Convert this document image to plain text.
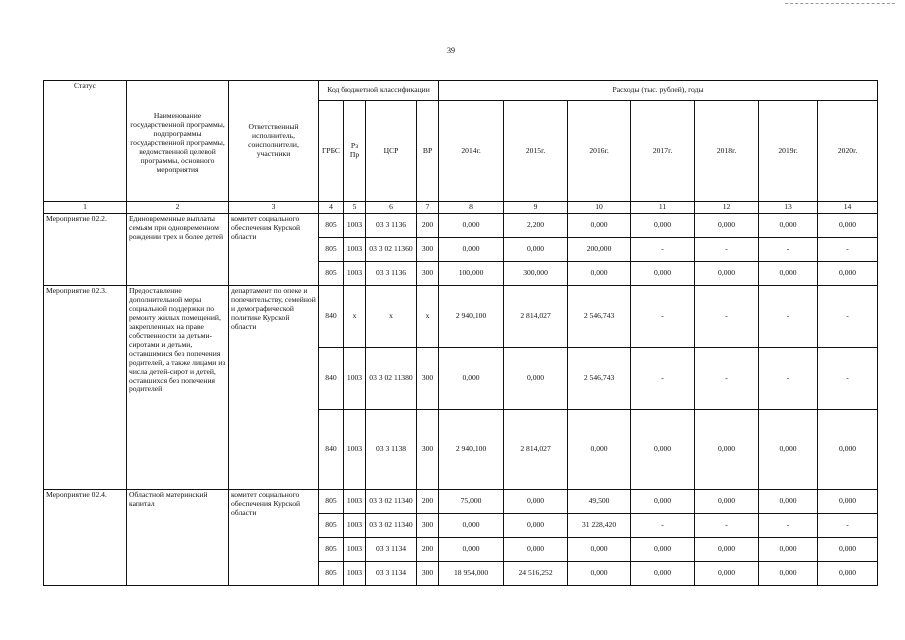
39
Статус	Наименование государственной программы, подпрограммы государственной программы, ведомственной целевой программы, основного мероприятия	Ответственный исполнитель, соисполнители, участники	Код бюджетной классификации				Расходы (тыс. рублей), годы						
			ГРБС	Рз Пр	ЦСР	ВР	2014г.	2015г.	2016г.	2017г.	2018г.	2019г.	2020г.
1	2	3	4	5	6	7	8	9	10	11	12	13	14
Мероприятие 02.2.	Единовременные выплаты семьям при одновременном рождении трех и более детей	комитет социального обеспечения Курской области	805	1003	03 3 1136	200	0,000	2,200	0,000	0,000	0,000	0,000	0,000
			805	1003	03 3 02 11360	300	0,000	0,000	200,000	-	-	-	-
			805	1003	03 3 1136	300	100,000	300,000	0,000	0,000	0,000	0,000	0,000
Мероприятие 02.3.	Предоставление дополнительной меры социальной поддержки по ремонту жилых помещений, закрепленных на праве собственности за детьми-сиротами и детьми, оставшимися без попечения родителей, а также лицами из числа детей-сирот и детей, оставшихся без попечения родителей	департамент по опеке и попечительству, семейной и демографической политике Курской области	840	х	х	х	2 940,100	2 814,027	2 546,743	-	-	-	-
			840	1003	03 3 02 11380	300	0,000	0,000	2 546,743	-	-	-	-
			840	1003	03 3 1138	300	2 940,100	2 814,027	0,000	0,000	0,000	0,000	0,000
Мероприятие 02.4.	Областной материнский капитал	комитет социального обеспечения Курской области	805	1003	03 3 02 11340	200	75,000	0,000	49,500	0,000	0,000	0,000	0,000
			805	1003	03 3 02 11340	300	0,000	0,000	31 228,420	-	-	-	-
			805	1003	03 3 1134	200	0,000	0,000	0,000	0,000	0,000	0,000	0,000
			805	1003	03 3 1134	300	18 954,000	24 516,252	0,000	0,000	0,000	0,000	0,000
